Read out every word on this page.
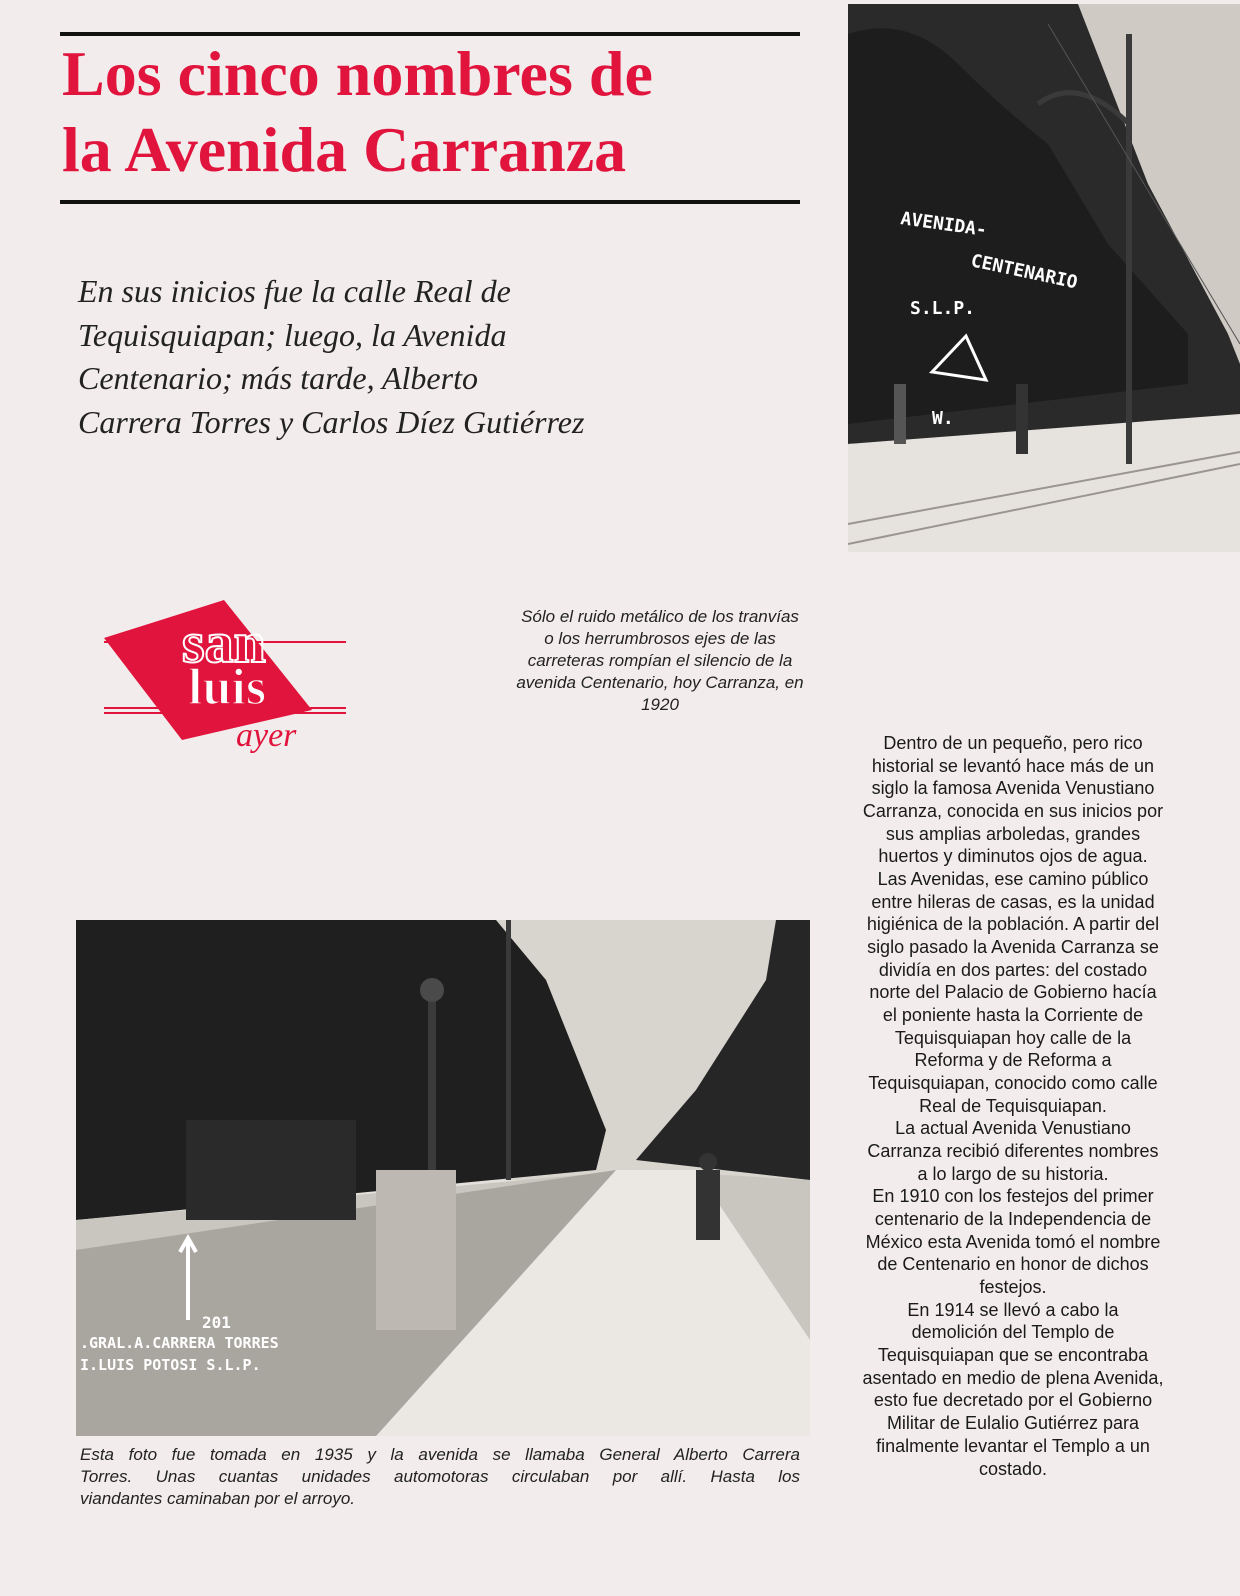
Los cinco nombres de
la Avenida Carranza
En sus inicios fue la calle Real de
Tequisquiapan; luego, la Avenida
Centenario; más tarde, Alberto
Carrera Torres y Carlos Díez Gutiérrez
AVENIDA-
CENTENARIO
S.L.P.
W.
san
luis
ayer
Sólo el ruido metálico de los tranvías
o los herrumbrosos ejes de las
carreteras rompían el silencio de la
avenida Centenario, hoy Carranza, en
1920
Dentro de un pequeño, pero rico
historial se levantó hace más de un
siglo la famosa Avenida Venustiano
Carranza, conocida en sus inicios por
sus amplias arboledas, grandes
huertos y diminutos ojos de agua.
Las Avenidas, ese camino público
entre hileras de casas, es la unidad
higiénica de la población. A partir del
siglo pasado la Avenida Carranza se
dividía en dos partes: del costado
norte del Palacio de Gobierno hacía
el poniente hasta la Corriente de
Tequisquiapan hoy calle de la
Reforma y de Reforma a
Tequisquiapan, conocido como calle
Real de Tequisquiapan.
La actual Avenida Venustiano
Carranza recibió diferentes nombres
a lo largo de su historia.
En 1910 con los festejos del primer
centenario de la Independencia de
México esta Avenida tomó el nombre
de Centenario en honor de dichos
festejos.
En 1914 se llevó a cabo la
demolición del Templo de
Tequisquiapan que se encontraba
asentado en medio de plena Avenida,
esto fue decretado por el Gobierno
Militar de Eulalio Gutiérrez para
finalmente levantar el Templo a un
costado.
201
.GRAL.A.CARRERA TORRES
I.LUIS POTOSI S.L.P.
Esta foto fue tomada en 1935 y la avenida se llamaba General Alberto Carrera
Torres. Unas cuantas unidades automotoras circulaban por allí. Hasta los
viandantes caminaban por el arroyo.
